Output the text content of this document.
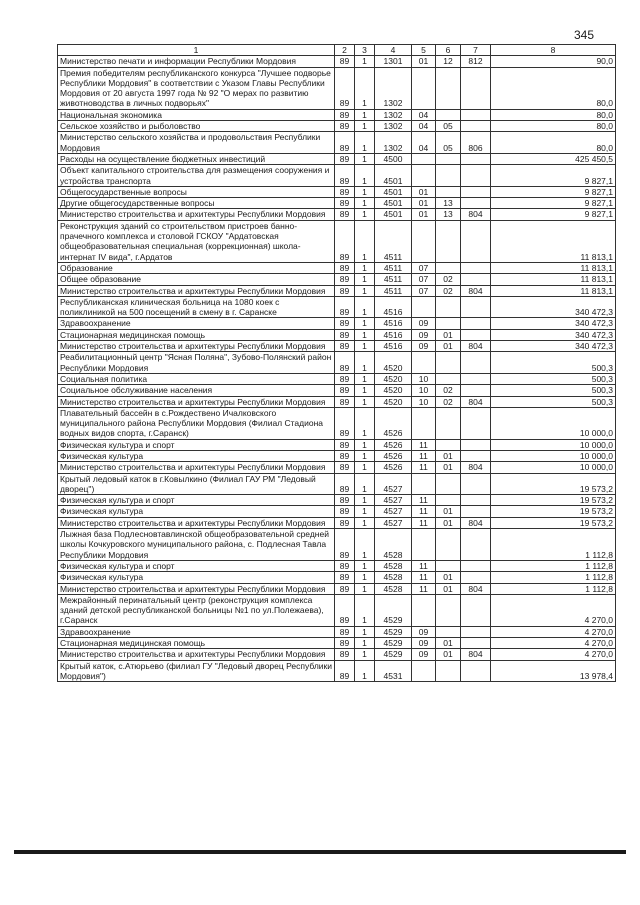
345
1	2	3	4	5	6	7	8
Министерство печати и информации Республики Мордовия	89	1	1301	01	12	812	90,0
Премия победителям республиканского конкурса "Лучшее подворье Республики Мордовия" в соответствии с Указом Главы Республики Мордовия от 20 августа 1997 года № 92 "О мерах по развитию животноводства в личных подворьях"	89	1	1302				80,0
Национальная экономика	89	1	1302	04			80,0
Сельское хозяйство и рыболовство	89	1	1302	04	05		80,0
Министерство сельского хозяйства и продовольствия Республики Мордовия	89	1	1302	04	05	806	80,0
Расходы на осуществление бюджетных инвестиций	89	1	4500				425 450,5
Объект капитального строительства для размещения сооружения и устройства транспорта	89	1	4501				9 827,1
Общегосударственные вопросы	89	1	4501	01			9 827,1
Другие общегосударственные вопросы	89	1	4501	01	13		9 827,1
Министерство строительства и архитектуры Республики Мордовия	89	1	4501	01	13	804	9 827,1
Реконструкция зданий со строительством пристроев банно-прачечного комплекса и столовой ГСКОУ "Ардатовская общеобразовательная специальная (коррекционная) школа-интернат IV вида", г.Ардатов	89	1	4511				11 813,1
Образование	89	1	4511	07			11 813,1
Общее образование	89	1	4511	07	02		11 813,1
Министерство строительства и архитектуры Республики Мордовия	89	1	4511	07	02	804	11 813,1
Республиканская клиническая больница на 1080 коек с поликлиникой на 500 посещений в смену в г. Саранске	89	1	4516				340 472,3
Здравоохранение	89	1	4516	09			340 472,3
Стационарная медицинская помощь	89	1	4516	09	01		340 472,3
Министерство строительства и архитектуры Республики Мордовия	89	1	4516	09	01	804	340 472,3
Реабилитационный центр "Ясная Поляна", Зубово-Полянский район Республики Мордовия	89	1	4520				500,3
Социальная политика	89	1	4520	10			500,3
Социальное обслуживание населения	89	1	4520	10	02		500,3
Министерство строительства и архитектуры Республики Мордовия	89	1	4520	10	02	804	500,3
Плавательный бассейн в с.Рождествено Ичалковского муниципального района Республики Мордовия (Филиал Стадиона водных видов спорта, г.Саранск)	89	1	4526				10 000,0
Физическая культура и спорт	89	1	4526	11			10 000,0
Физическая культура	89	1	4526	11	01		10 000,0
Министерство строительства и архитектуры Республики Мордовия	89	1	4526	11	01	804	10 000,0
Крытый ледовый каток в г.Ковылкино (Филиал ГАУ РМ "Ледовый дворец")	89	1	4527				19 573,2
Физическая культура и спорт	89	1	4527	11			19 573,2
Физическая культура	89	1	4527	11	01		19 573,2
Министерство строительства и архитектуры Республики Мордовия	89	1	4527	11	01	804	19 573,2
Лыжная база Подлесновтавлинской общеобразовательной средней школы Кочкуровского муниципального района, с. Подлесная Тавла Республики Мордовия	89	1	4528				1 112,8
Физическая культура и спорт	89	1	4528	11			1 112,8
Физическая культура	89	1	4528	11	01		1 112,8
Министерство строительства и архитектуры Республики Мордовия	89	1	4528	11	01	804	1 112,8
Межрайонный перинатальный центр (реконструкция комплекса зданий детской республиканской больницы №1 по ул.Полежаева), г.Саранск	89	1	4529				4 270,0
Здравоохранение	89	1	4529	09			4 270,0
Стационарная медицинская помощь	89	1	4529	09	01		4 270,0
Министерство строительства и архитектуры Республики Мордовия	89	1	4529	09	01	804	4 270,0
Крытый каток, с.Атюрьево (филиал ГУ "Ледовый дворец Республики Мордовия")	89	1	4531				13 978,4
